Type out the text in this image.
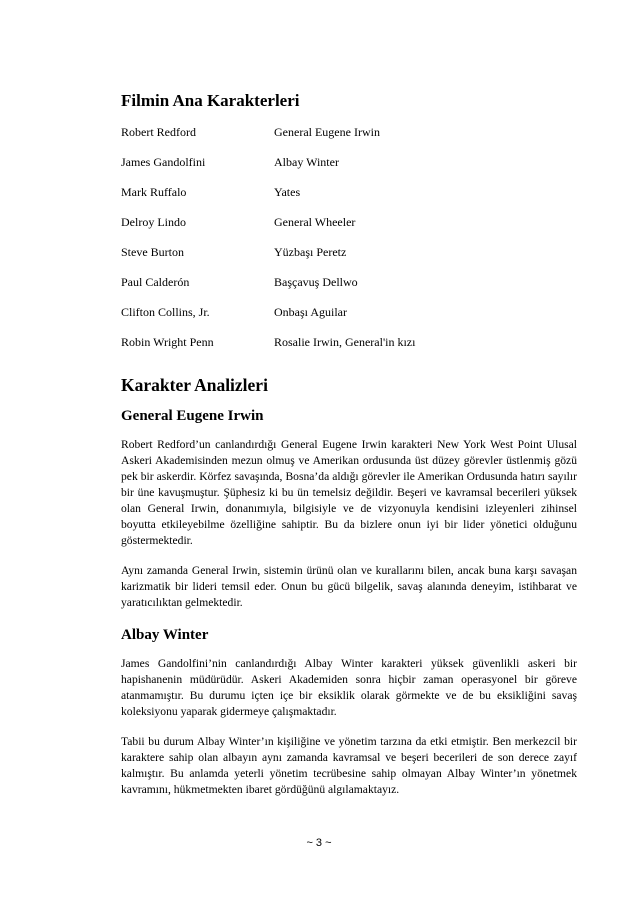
Filmin Ana Karakterleri
Robert Redford	General Eugene Irwin
James Gandolfini	Albay Winter
Mark Ruffalo	Yates
Delroy Lindo	General Wheeler
Steve Burton	Yüzbaşı Peretz
Paul Calderón	Başçavuş Dellwo
Clifton Collins, Jr.	Onbaşı Aguilar
Robin Wright Penn	Rosalie Irwin, General'in kızı
Karakter Analizleri
General Eugene Irwin

Robert Redford’un canlandırdığı General Eugene Irwin karakteri New York West Point Ulusal Askeri Akademisinden mezun olmuş ve Amerikan ordusunda üst düzey görevler üstlenmiş gözü pek bir askerdir. Körfez savaşında, Bosna’da aldığı görevler ile Amerikan Ordusunda hatırı sayılır bir üne kavuşmuştur. Şüphesiz ki bu ün temelsiz değildir. Beşeri ve kavramsal becerileri yüksek olan General Irwin, donanımıyla, bilgisiyle ve de vizyonuyla kendisini izleyenleri zihinsel boyutta etkileyebilme özelliğine sahiptir. Bu da bizlere onun iyi bir lider yönetici olduğunu göstermektedir.

Aynı zamanda General Irwin, sistemin ürünü olan ve kurallarını bilen, ancak buna karşı savaşan karizmatik bir lideri temsil eder. Onun bu gücü bilgelik, savaş alanında deneyim, istihbarat ve yaratıcılıktan gelmektedir.

Albay Winter

James Gandolfini’nin canlandırdığı Albay Winter karakteri yüksek güvenlikli askeri bir hapishanenin müdürüdür. Askeri Akademiden sonra hiçbir zaman operasyonel bir göreve atanmamıştır. Bu durumu içten içe bir eksiklik olarak görmekte ve de bu eksikliğini savaş koleksiyonu yaparak gidermeye çalışmaktadır.

Tabii bu durum Albay Winter’ın kişiliğine ve yönetim tarzına da etki etmiştir. Ben merkezcil bir karaktere sahip olan albayın aynı zamanda kavramsal ve beşeri becerileri de son derece zayıf kalmıştır. Bu anlamda yeterli yönetim tecrübesine sahip olmayan Albay Winter’ın yönetmek kavramını, hükmetmekten ibaret gördüğünü algılamaktayız.

~ 3 ~
